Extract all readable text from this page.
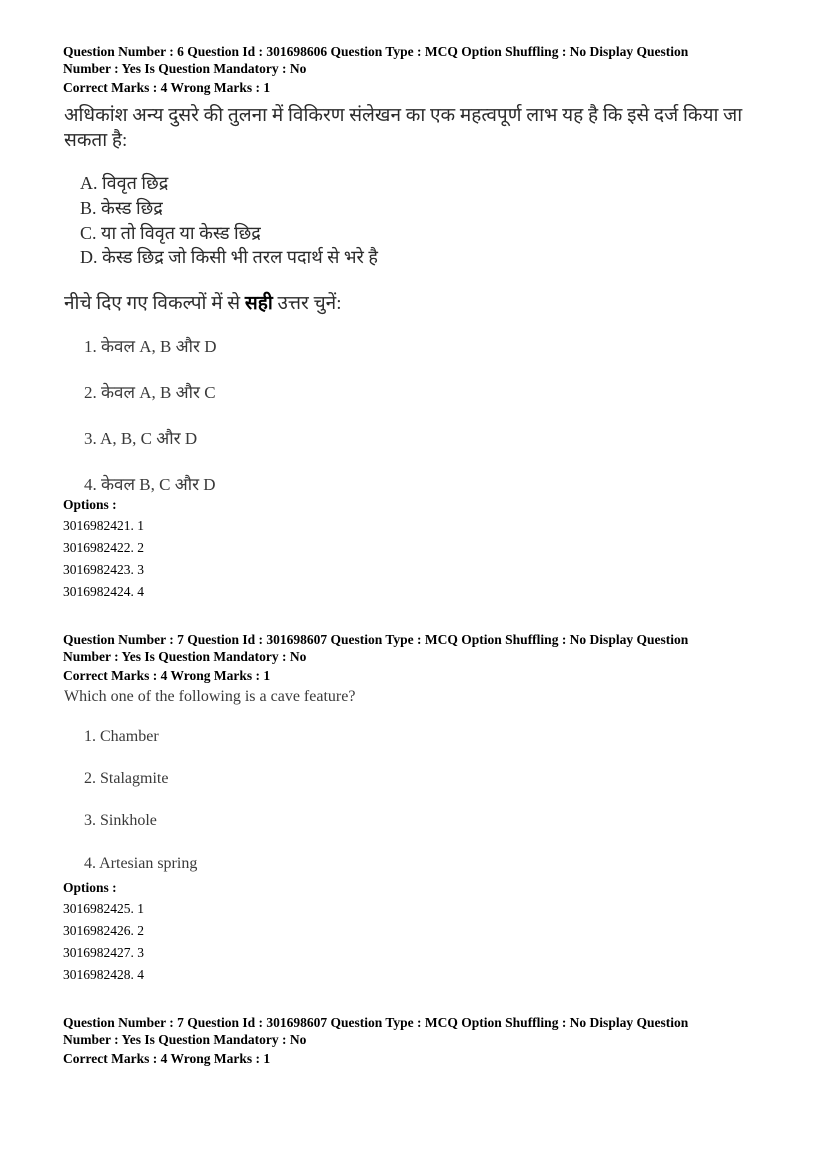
Question Number : 6 Question Id : 301698606 Question Type : MCQ Option Shuffling : No Display Question
Number : Yes Is Question Mandatory : No
Correct Marks : 4 Wrong Marks : 1
अधिकांश अन्य दुसरे की तुलना में विकिरण संलेखन का एक महत्वपूर्ण लाभ यह है कि इसे दर्ज किया जा
सकता है:
A. विवृत छिद्र
B. केस्ड छिद्र
C. या तो विवृत या केस्ड छिद्र
D. केस्ड छिद्र जो किसी भी तरल पदार्थ से भरे है
नीचे दिए गए विकल्पों में से सही उत्तर चुनें:
1. केवल A, B और D
2. केवल A, B और C
3. A, B, C और D
4. केवल B, C और D
Options :
3016982421. 1
3016982422. 2
3016982423. 3
3016982424. 4
Question Number : 7 Question Id : 301698607 Question Type : MCQ Option Shuffling : No Display Question
Number : Yes Is Question Mandatory : No
Correct Marks : 4 Wrong Marks : 1
Which one of the following is a cave feature?
1. Chamber
2. Stalagmite
3. Sinkhole
4. Artesian spring
Options :
3016982425. 1
3016982426. 2
3016982427. 3
3016982428. 4
Question Number : 7 Question Id : 301698607 Question Type : MCQ Option Shuffling : No Display Question
Number : Yes Is Question Mandatory : No
Correct Marks : 4 Wrong Marks : 1
